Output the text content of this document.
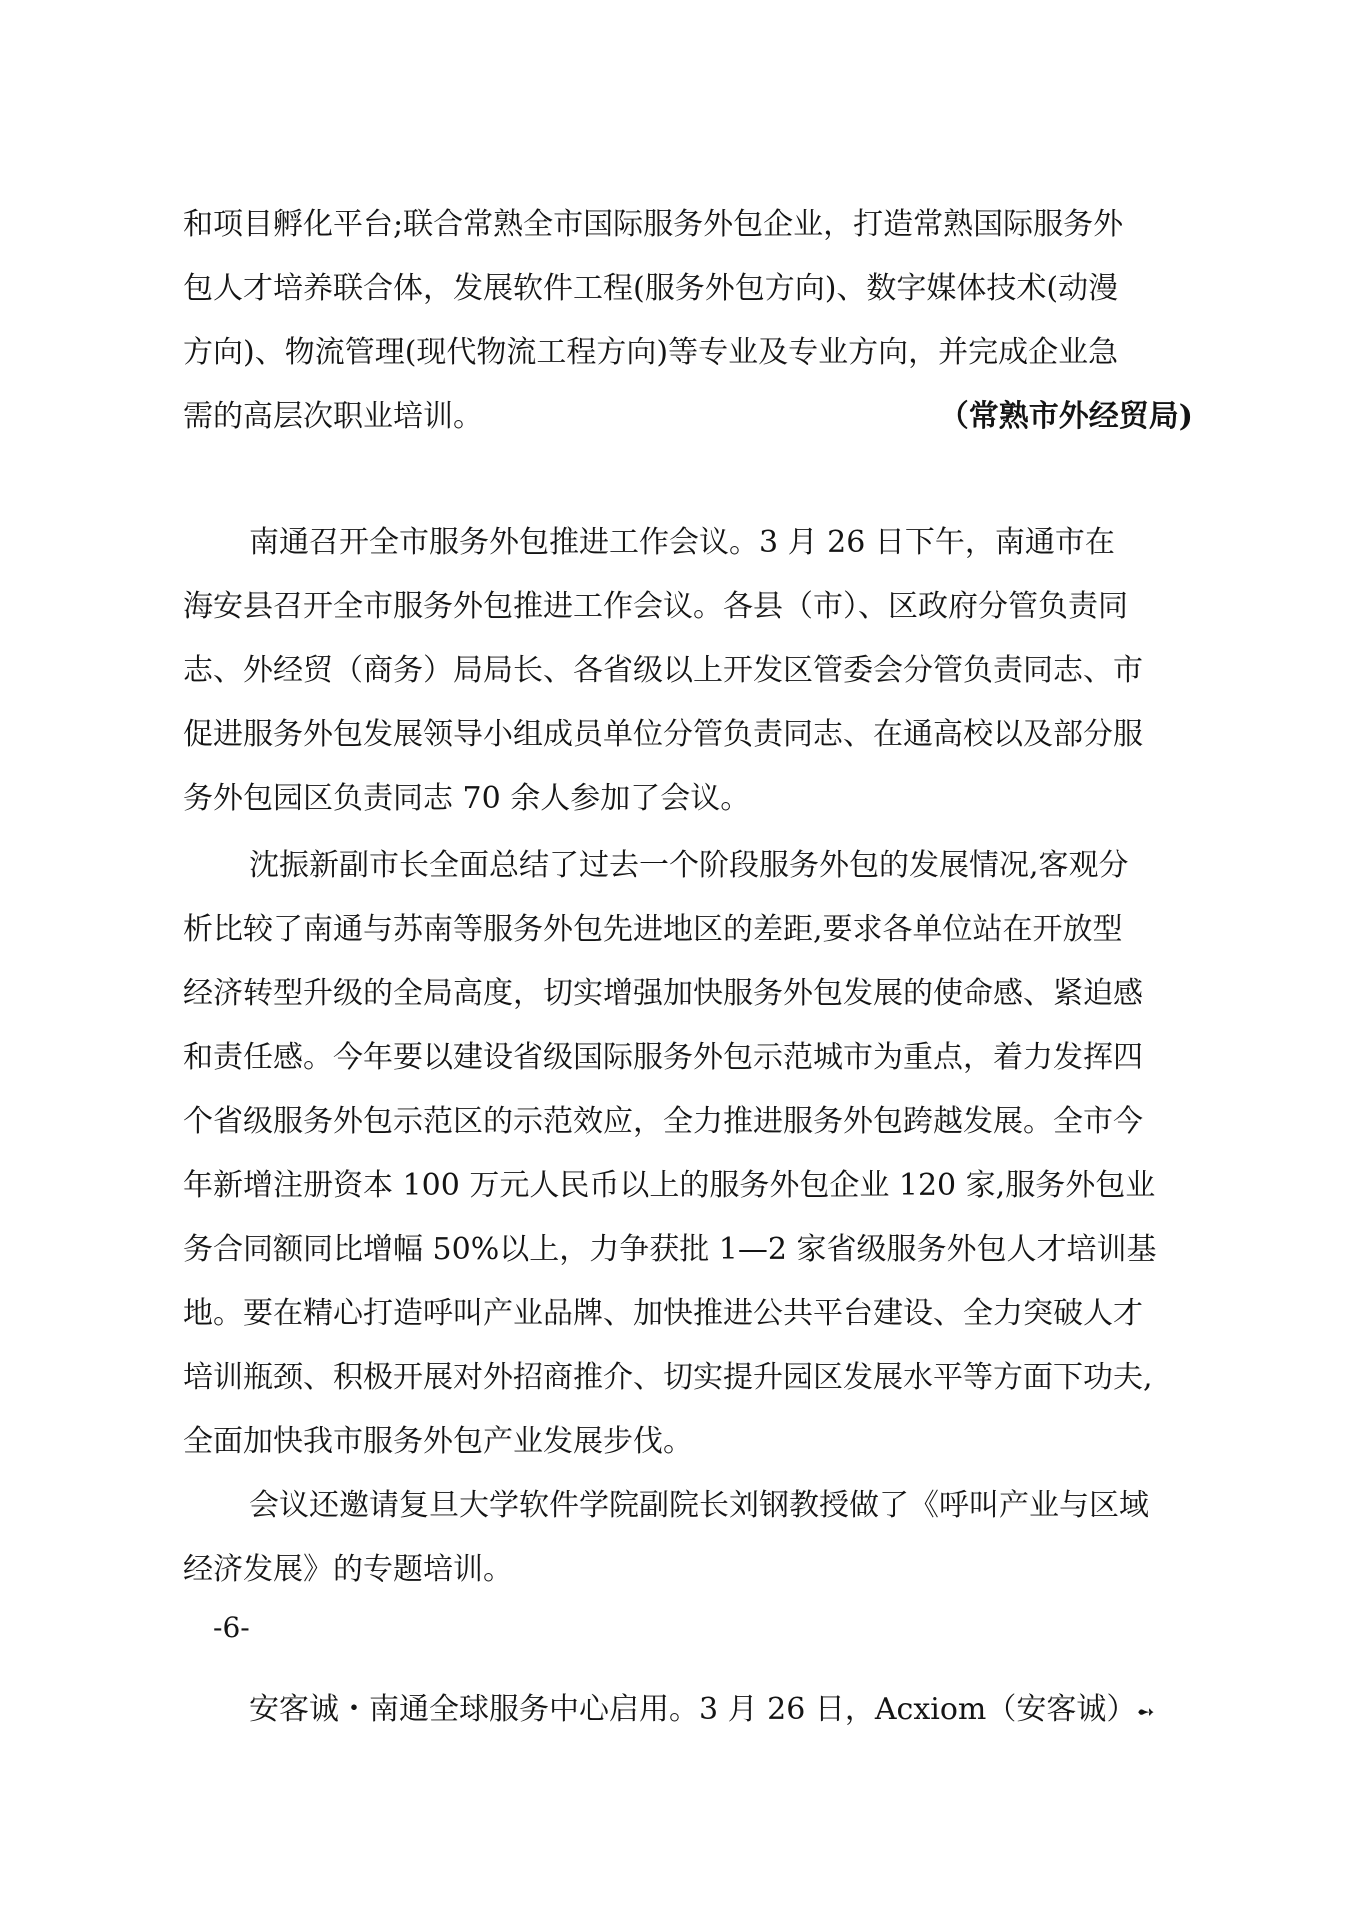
和项目孵化平台;联合常熟全市国际服务外包企业，打造常熟国际服务外
包人才培养联合体，发展软件工程(服务外包方向)、数字媒体技术(动漫
方向)、物流管理(现代物流工程方向)等专业及专业方向，并完成企业急
需的高层次职业培训。	（常熟市外经贸局)
南通召开全市服务外包推进工作会议。3 月 26 日下午，南通市在
海安县召开全市服务外包推进工作会议。各县（市）、区政府分管负责同
志、外经贸（商务）局局长、各省级以上开发区管委会分管负责同志、市
促进服务外包发展领导小组成员单位分管负责同志、在通高校以及部分服
务外包园区负责同志 70 余人参加了会议。
沈振新副市长全面总结了过去一个阶段服务外包的发展情况,客观分
析比较了南通与苏南等服务外包先进地区的差距,要求各单位站在开放型
经济转型升级的全局高度，切实增强加快服务外包发展的使命感、紧迫感
和责任感。今年要以建设省级国际服务外包示范城市为重点，着力发挥四
个省级服务外包示范区的示范效应，全力推进服务外包跨越发展。全市今
年新增注册资本 100 万元人民币以上的服务外包企业 120 家,服务外包业
务合同额同比增幅 50%以上，力争获批 1—2 家省级服务外包人才培训基
地。要在精心打造呼叫产业品牌、加快推进公共平台建设、全力突破人才
培训瓶颈、积极开展对外招商推介、切实提升园区发展水平等方面下功夫,
全面加快我市服务外包产业发展步伐。
会议还邀请复旦大学软件学院副院长刘钢教授做了《呼叫产业与区域
经济发展》的专题培训。
-6-
安客诚・南通全球服务中心启用。3 月 26 日，Acxiom（安客诚）➻
